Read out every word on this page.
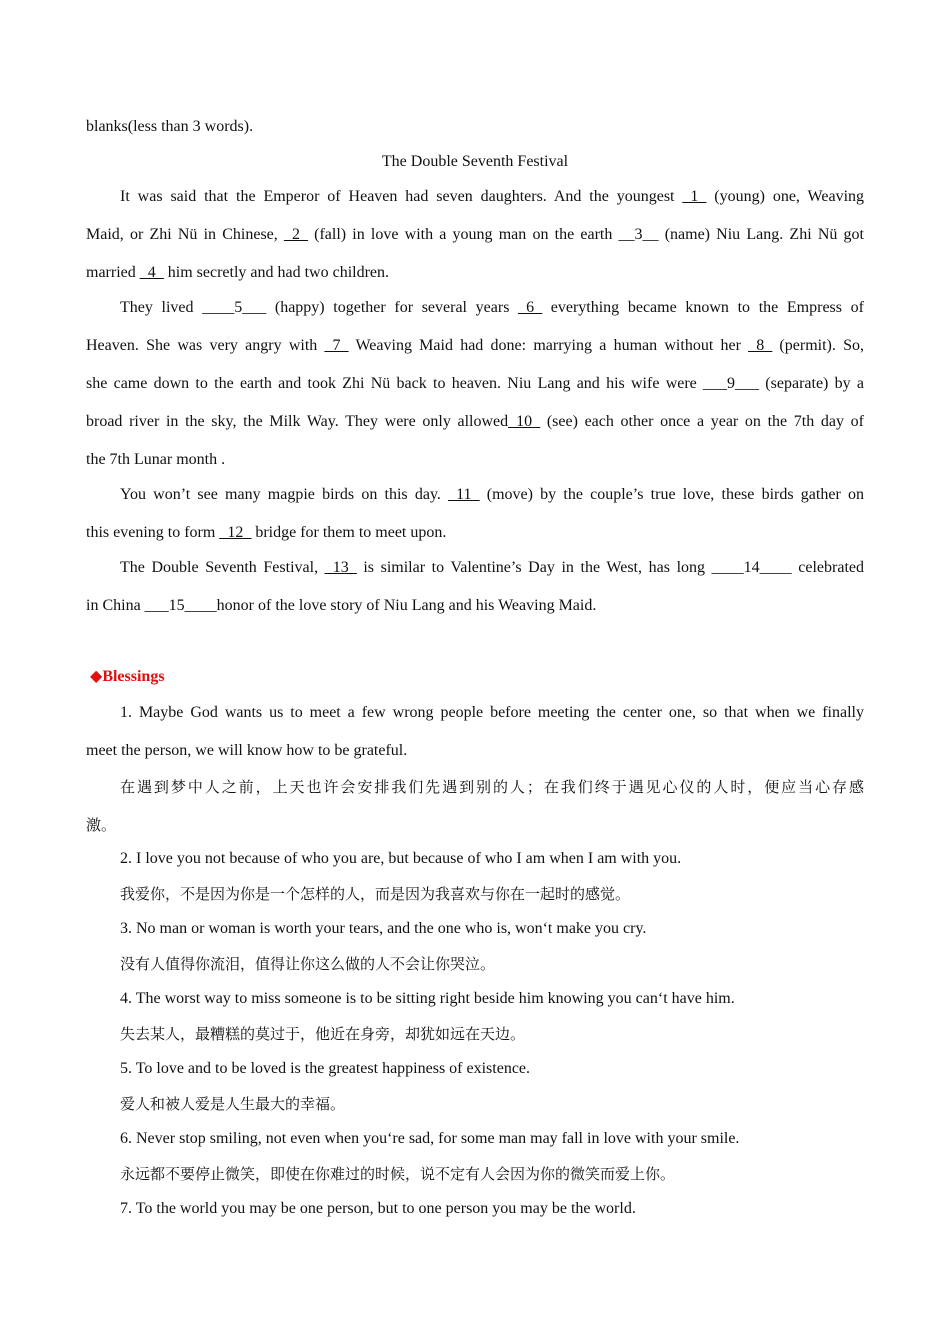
blanks(less than 3 words).
The Double Seventh Festival
It was said that the Emperor of Heaven had seven daughters. And the youngest _1_ (young) one, Weaving
Maid, or Zhi Nü in Chinese, _2_ (fall) in love with a young man on the earth __3__ (name) Niu Lang. Zhi Nü got
married _4_ him secretly and had two children.
They lived ____5___ (happy) together for several years _6_ everything became known to the Empress of
Heaven. She was very angry with _7_ Weaving Maid had done: marrying a human without her _8_ (permit). So,
she came down to the earth and took Zhi Nü back to heaven. Niu Lang and his wife were ___9___ (separate) by a
broad river in the sky, the Milk Way. They were only allowed_10_ (see) each other once a year on the 7th day of
the 7th Lunar month .
You won’t see many magpie birds on this day. _11_ (move) by the couple’s true love, these birds gather on
this evening to form _12_ bridge for them to meet upon.
The Double Seventh Festival, _13_ is similar to Valentine’s Day in the West, has long ____14____ celebrated
in China ___15____honor of the love story of Niu Lang and his Weaving Maid.
◆Blessings
1. Maybe God wants us to meet a few wrong people before meeting the center one, so that when we finally
meet the person, we will know how to be grateful.
在遇到梦中人之前，上天也许会安排我们先遇到别的人；在我们终于遇见心仪的人时，便应当心存感
激。
2. I love you not because of who you are, but because of who I am when I am with you.
我爱你，不是因为你是一个怎样的人，而是因为我喜欢与你在一起时的感觉。
3. No man or woman is worth your tears, and the one who is, won‘t make you cry.
没有人值得你流泪，值得让你这么做的人不会让你哭泣。
4. The worst way to miss someone is to be sitting right beside him knowing you can‘t have him.
失去某人，最糟糕的莫过于，他近在身旁，却犹如远在天边。
5. To love and to be loved is the greatest happiness of existence.
爱人和被人爱是人生最大的幸福。
6. Never stop smiling, not even when you‘re sad, for some man may fall in love with your smile.
永远都不要停止微笑，即使在你难过的时候，说不定有人会因为你的微笑而爱上你。
7. To the world you may be one person, but to one person you may be the world.
